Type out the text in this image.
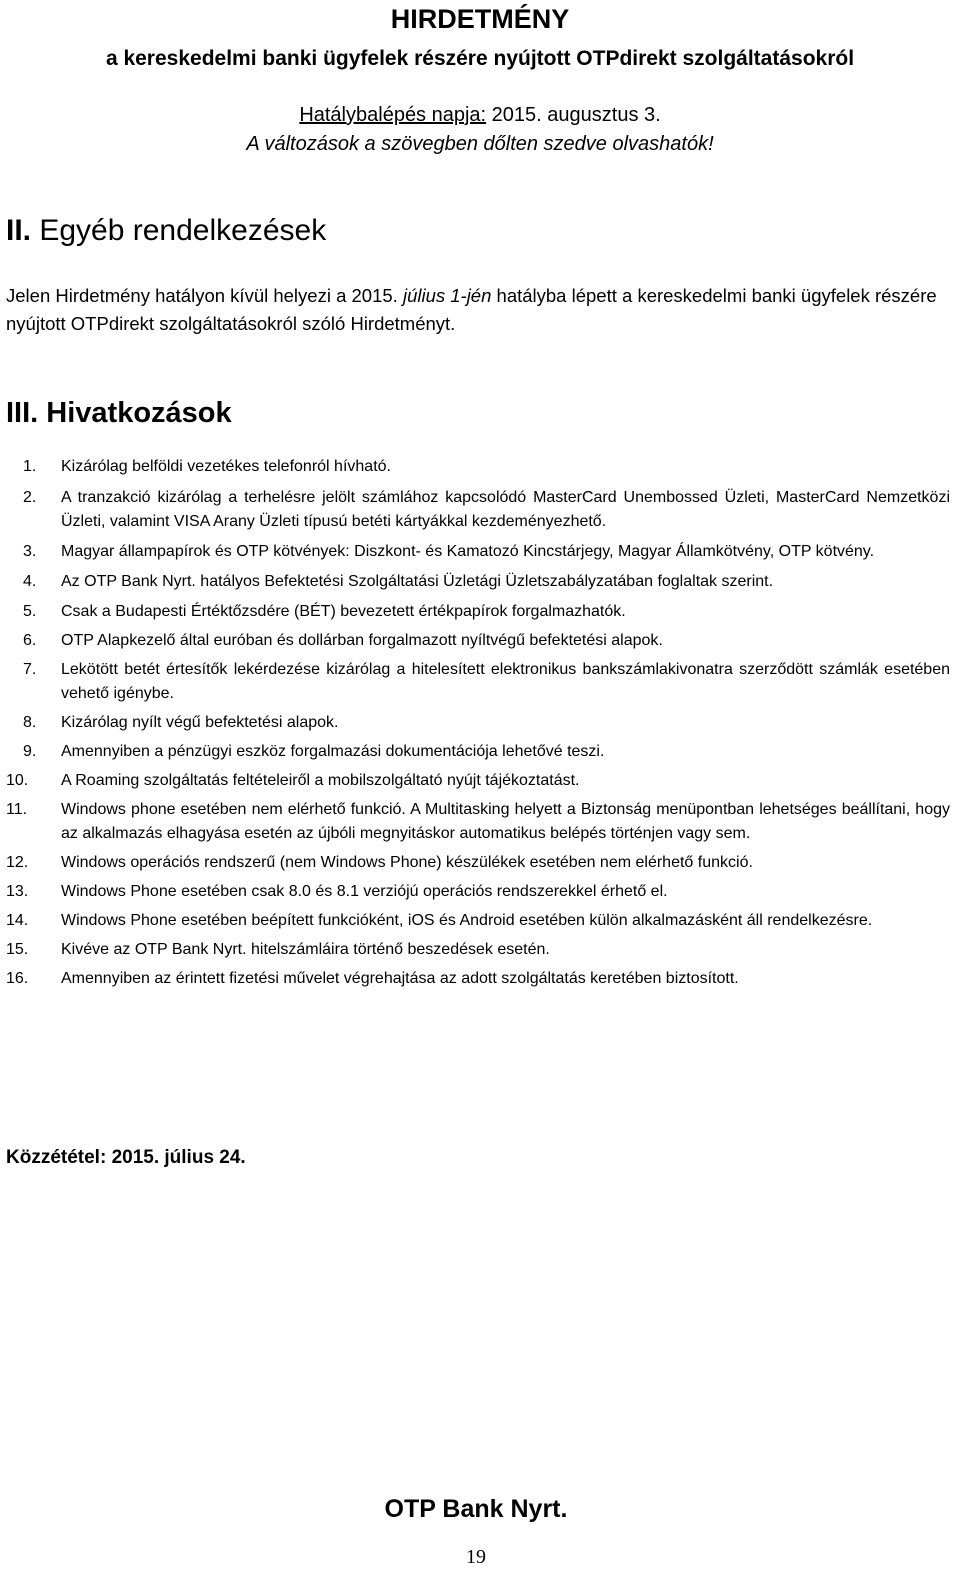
HIRDETMÉNY
a kereskedelmi banki ügyfelek részére nyújtott OTPdirekt szolgáltatásokról
Hatálybalépés napja: 2015. augusztus 3.
A változások a szövegben dőlten szedve olvashatók!
II. Egyéb rendelkezések
Jelen Hirdetmény hatályon kívül helyezi a 2015. július 1-jén hatályba lépett a kereskedelmi banki ügyfelek részére nyújtott OTPdirekt szolgáltatásokról szóló Hirdetményt.
III. Hivatkozások
1. Kizárólag belföldi vezetékes telefonról hívható.
2. A tranzakció kizárólag a terhelésre jelölt számlához kapcsolódó MasterCard Unembossed Üzleti, MasterCard Nemzetközi Üzleti, valamint VISA Arany Üzleti típusú betéti kártyákkal kezdeményezhető.
3. Magyar állampapírok és OTP kötvények: Diszkont- és Kamatozó Kincstárjegy, Magyar Államkötvény, OTP kötvény.
4. Az OTP Bank Nyrt. hatályos Befektetési Szolgáltatási Üzletági Üzletszabályzatában foglaltak szerint.
5. Csak a Budapesti Értéktőzsdére (BÉT) bevezetett értékpapírok forgalmazhatók.
6. OTP Alapkezelő által euróban és dollárban forgalmazott nyíltvégű befektetési alapok.
7. Lekötött betét értesítők lekérdezése kizárólag a hitelesített elektronikus bankszámlakivonatra szerződött számlák esetében vehető igénybe.
8. Kizárólag nyílt végű befektetési alapok.
9. Amennyiben a pénzügyi eszköz forgalmazási dokumentációja lehetővé teszi.
10. A Roaming szolgáltatás feltételeiről a mobilszolgáltató nyújt tájékoztatást.
11. Windows phone esetében nem elérhető funkció. A Multitasking helyett a Biztonság menüpontban lehetséges beállítani, hogy az alkalmazás elhagyása esetén az újbóli megnyitáskor automatikus belépés történjen vagy sem.
12. Windows operációs rendszerű (nem Windows Phone) készülékek esetében nem elérhető funkció.
13. Windows Phone esetében csak 8.0 és 8.1 verziójú operációs rendszerekkel érhető el.
14. Windows Phone esetében beépített funkcióként, iOS és Android esetében külön alkalmazásként áll rendelkezésre.
15. Kivéve az OTP Bank Nyrt. hitelszámláira történő beszedések esetén.
16. Amennyiben az érintett fizetési művelet végrehajtása az adott szolgáltatás keretében biztosított.
Közzététel: 2015. július 24.
OTP Bank Nyrt.
19
